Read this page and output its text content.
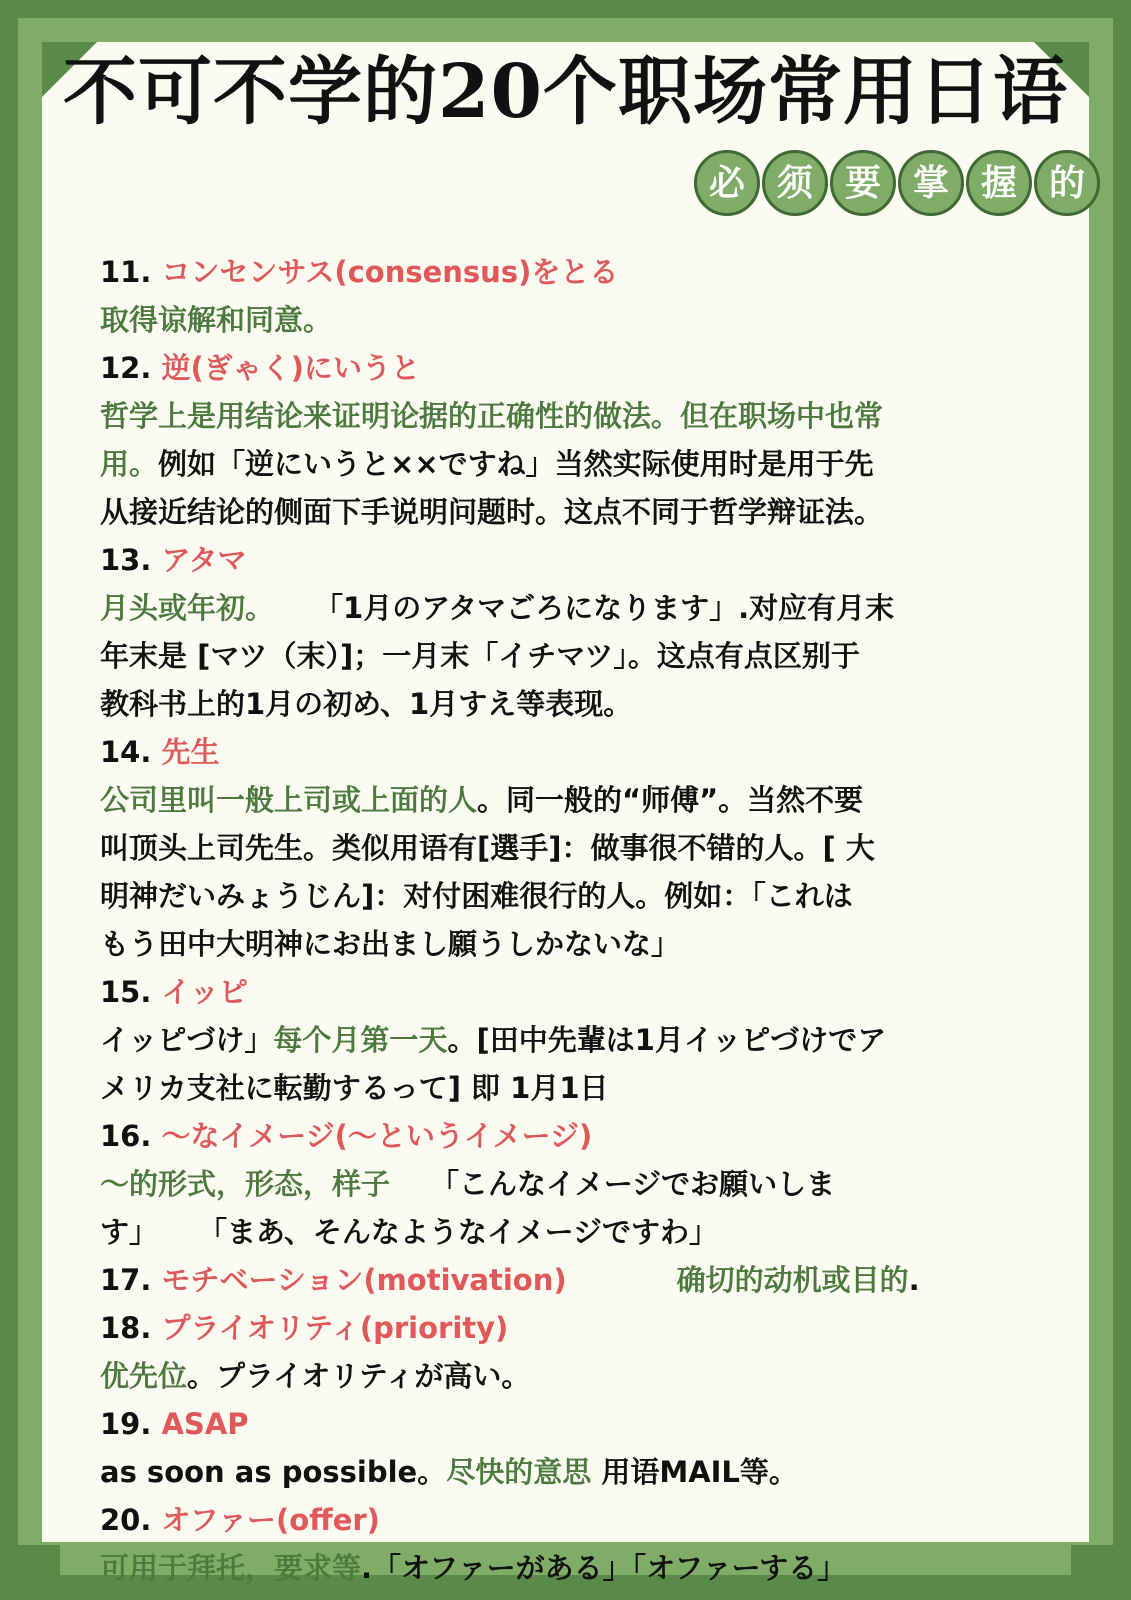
不可不学的20个职场常用日语
必 须 要 掌 握 的
11. コンセンサス(consensus)をとる
取得谅解和同意。
12. 逆(ぎゃく)にいうと
哲学上是用结论来证明论据的正确性的做法。但在职场中也常
用。例如「逆にいうと××ですね」当然实际使用时是用于先
从接近结论的侧面下手说明问题时。这点不同于哲学辩证法。
13. アタマ
月头或年初。 「1月のアタマごろになります」.对应有月末
年末是 [マツ（末）]；一月末「イチマツ」。这点有点区别于
教科书上的1月の初め、1月すえ等表现。
14. 先生
公司里叫一般上司或上面的人。同一般的“师傅”。当然不要
叫顶头上司先生。类似用语有[選手]：做事很不错的人。[ 大
明神だいみょうじん]：对付困难很行的人。例如：「これは
もう田中大明神にお出まし願うしかないな」
15. イッピ
イッピづけ」每个月第一天。[田中先輩は1月イッピづけでア
メリカ支社に転勤するって] 即 1月1日
16. ～なイメージ(～というイメージ)
～的形式，形态，样子 「こんなイメージでお願いしま
す」 「まあ、そんなようなイメージですわ」
17. モチベーション(motivation)	确切的动机或目的.
18. プライオリティ(priority)
优先位。プライオリティが高い。
19. ASAP
as soon as possible。尽快的意思 用语MAIL等。
20. オファー(offer)
可用于拜托，要求等.「オファーがある」「オファーする」
